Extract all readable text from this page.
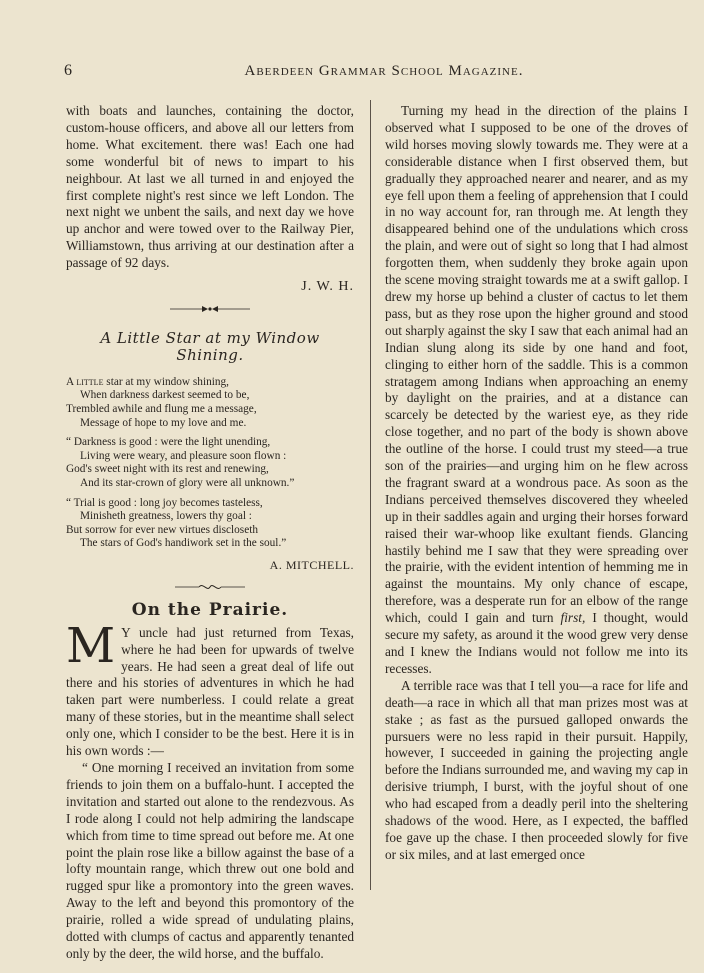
6	Aberdeen Grammar School Magazine.

with boats and launches, containing the doctor, custom-house officers, and above all our letters from home. What excitement. there was! Each one had some wonderful bit of news to impart to his neighbour. At last we all turned in and enjoyed the first complete night's rest since we left London. The next night we unbent the sails, and next day we hove up anchor and were towed over to the Railway Pier, Williamstown, thus arriving at our destination after a passage of 92 days.

J. W. H.

A Little Star at my Window Shining.

A little star at my window shining,
When darkness darkest seemed to be,
Trembled awhile and flung me a message,
Message of hope to my love and me.
“ Darkness is good : were the light unending,
Living were weary, and pleasure soon flown :
God's sweet night with its rest and renewing,
And its star-crown of glory were all unknown.”
“ Trial is good : long joy becomes tasteless,
Minisheth greatness, lowers thy goal :
But sorrow for ever new virtues discloseth
The stars of God's handiwork set in the soul.”

A. MITCHELL.

On the Prairie.

M Y uncle had just returned from Texas, where he had been for upwards of twelve years. He had seen a great deal of life out there and his stories of adventures in which he had taken part were numberless. I could relate a great many of these stories, but in the meantime shall select only one, which I consider to be the best. Here it is in his own words :—

“ One morning I received an invitation from some friends to join them on a buffalo-hunt. I accepted the invitation and started out alone to the rendezvous. As I rode along I could not help admiring the landscape which from time to time spread out before me. At one point the plain rose like a billow against the base of a lofty mountain range, which threw out one bold and rugged spur like a promontory into the green waves. Away to the left and beyond this promontory of the prairie, rolled a wide spread of undulating plains, dotted with clumps of cactus and apparently tenanted only by the deer, the wild horse, and the buffalo.

Turning my head in the direction of the plains I observed what I supposed to be one of the droves of wild horses moving slowly towards me. They were at a considerable distance when I first observed them, but gradually they approached nearer and nearer, and as my eye fell upon them a feeling of apprehension that I could in no way account for, ran through me. At length they disappeared behind one of the undulations which cross the plain, and were out of sight so long that I had almost forgotten them, when suddenly they broke again upon the scene moving straight towards me at a swift gallop. I drew my horse up behind a cluster of cactus to let them pass, but as they rose upon the higher ground and stood out sharply against the sky I saw that each animal had an Indian slung along its side by one hand and foot, clinging to either horn of the saddle. This is a common stratagem among Indians when approaching an enemy by daylight on the prairies, and at a distance can scarcely be detected by the wariest eye, as they ride close together, and no part of the body is shown above the outline of the horse. I could trust my steed—a true son of the prairies—and urging him on he flew across the fragrant sward at a wondrous pace. As soon as the Indians perceived themselves discovered they wheeled up in their saddles again and urging their horses forward raised their war-whoop like exultant fiends. Glancing hastily behind me I saw that they were spreading over the prairie, with the evident intention of hemming me in against the mountains. My only chance of escape, therefore, was a desperate run for an elbow of the range which, could I gain and turn first, I thought, would secure my safety, as around it the wood grew very dense and I knew the Indians would not follow me into its recesses.

A terrible race was that I tell you—a race for life and death—a race in which all that man prizes most was at stake ; as fast as the pursued galloped onwards the pursuers were no less rapid in their pursuit. Happily, however, I succeeded in gaining the projecting angle before the Indians surrounded me, and waving my cap in derisive triumph, I burst, with the joyful shout of one who had escaped from a deadly peril into the sheltering shadows of the wood. Here, as I expected, the baffled foe gave up the chase. I then proceeded slowly for five or six miles, and at last emerged once
